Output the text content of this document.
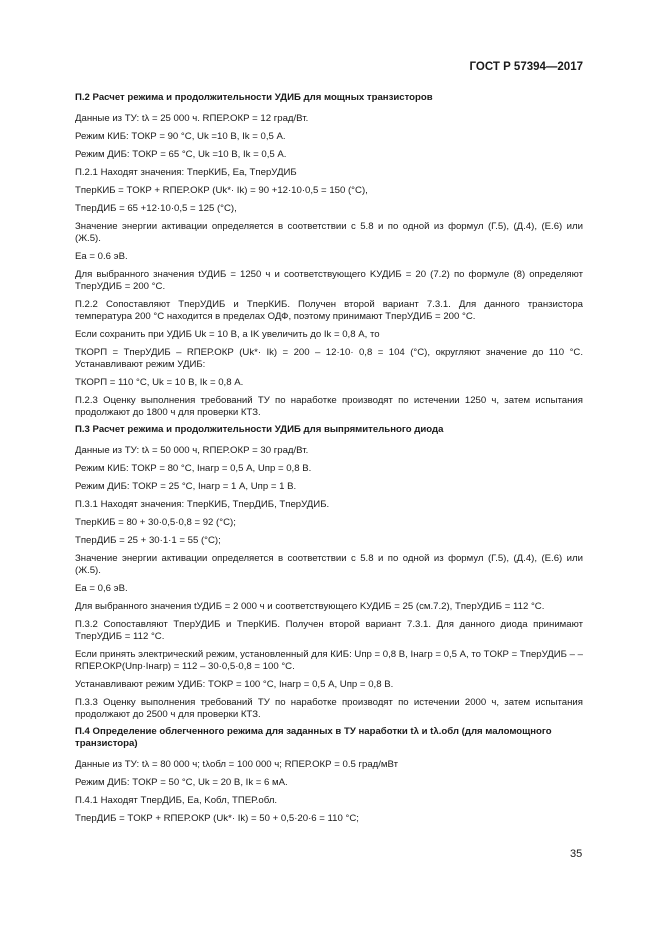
ГОСТ Р 57394—2017
П.2 Расчет режима и продолжительности УДИБ для мощных транзисторов
Данные из ТУ: tλ = 25 000 ч. RПЕР.ОКР = 12 град/Вт.
Режим КИБ: TОКР = 90 °С, Uk =10 В, Ik = 0,5 А.
Режим ДИБ: TОКР = 65 °С, Uk =10 В, Ik = 0,5 А.
П.2.1 Находят значения: TперКИБ, Ea, TперУДИБ
TперКИБ = TОКР + RПЕР.ОКР (Uk*· Ik) = 90 +12·10·0,5 = 150 (°С),
TперДИБ = 65 +12·10·0,5 = 125 (°С),
Значение энергии активации определяется в соответствии с 5.8 и по одной из формул (Г.5), (Д.4), (Е.6) или (Ж.5).
Ea = 0.6 эВ.
Для выбранного значения tУДИБ = 1250 ч и соответствующего KУДИБ = 20 (7.2) по формуле (8) определяют TперУДИБ = 200 °С.
П.2.2 Сопоставляют TперУДИБ и TперКИБ. Получен второй вариант 7.3.1. Для данного транзистора температура 200 °С находится в пределах ОДФ, поэтому принимают TперУДИБ = 200 °С.
Если сохранить при УДИБ Uk = 10 В, а IK увеличить до Ik = 0,8 А, то
TКОРП = TперУДИБ – RПЕР.ОКР (Uk*· Ik) = 200 – 12·10· 0,8 = 104 (°С), округляют значение до 110 °С. Устанавливают режим УДИБ:
TКОРП = 110 °С, Uk = 10 В, Ik = 0,8 А.
П.2.3 Оценку выполнения требований ТУ по наработке производят по истечении 1250 ч, затем испытания продолжают до 1800 ч для проверки КТЗ.
П.3 Расчет режима и продолжительности УДИБ для выпрямительного диода
Данные из ТУ: tλ = 50 000 ч, RПЕР.ОКР = 30 град/Вт.
Режим КИБ: TОКР = 80 °С, Iнагр = 0,5 А, Uпр = 0,8 В.
Режим ДИБ: TОКР = 25 °С, Iнагр = 1 А, Uпр = 1 В.
П.3.1 Находят значения: TперКИБ, TперДИБ, TперУДИБ.
TперКИБ = 80 + 30·0,5·0,8 = 92 (°С);
TперДИБ = 25 + 30·1·1 = 55 (°С);
Значение энергии активации определяется в соответствии с 5.8 и по одной из формул (Г.5), (Д.4), (Е.6) или (Ж.5).
Ea = 0,6 эВ.
Для выбранного значения tУДИБ = 2 000 ч и соответствующего KУДИБ = 25 (см.7.2), TперУДИБ = 112 °С.
П.3.2 Сопоставляют TперУДИБ и TперКИБ. Получен второй вариант 7.3.1. Для данного диода принимают TперУДИБ = 112 °С.
Если принять электрический режим, установленный для КИБ: Uпр = 0,8 В, Iнагр = 0,5 А, то TОКР = TперУДИБ – – RПЕР.ОКР(Uпр·Iнагр) = 112 – 30·0,5·0,8 = 100 °С.
Устанавливают режим УДИБ: TОКР = 100 °С, Iнагр = 0,5 А, Uпр = 0,8 В.
П.3.3 Оценку выполнения требований ТУ по наработке производят по истечении 2000 ч, затем испытания продолжают до 2500 ч для проверки КТЗ.
П.4 Определение облегченного режима для заданных в ТУ наработки tλ и tλ.обл (для маломощного транзистора)
Данные из ТУ: tλ = 80 000 ч; tλобл = 100 000 ч; RПЕР.ОКР = 0.5 град/мВт
Режим ДИБ: TОКР = 50 °С, Uk = 20 В, Ik = 6 мА.
П.4.1 Находят TперДИБ, Ea, Kобл, TПЕР.обл.
TперДИБ = TОКР + RПЕР.ОКР (Uk*· Ik) = 50 + 0,5·20·6 = 110 °С;
35
